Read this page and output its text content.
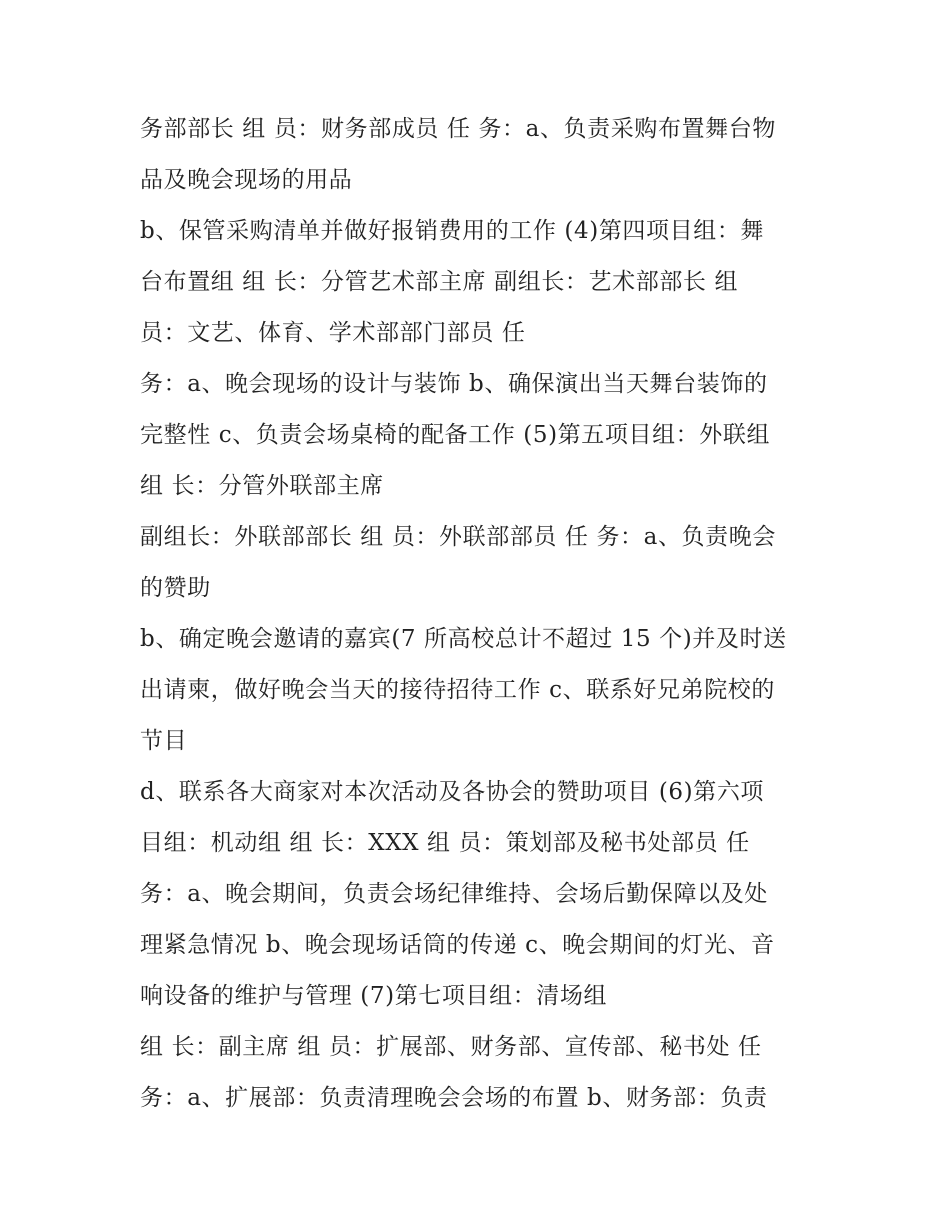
务部部长 组 员：财务部成员 任 务：a、负责采购布置舞台物

品及晚会现场的用品

b、保管采购清单并做好报销费用的工作 (4)第四项目组：舞

台布置组 组 长：分管艺术部主席 副组长：艺术部部长 组

员：文艺、体育、学术部部门部员 任

务：a、晚会现场的设计与装饰 b、确保演出当天舞台装饰的

完整性 c、负责会场桌椅的配备工作 (5)第五项目组：外联组

组 长：分管外联部主席

副组长：外联部部长 组 员：外联部部员 任 务：a、负责晚会

的赞助

b、确定晚会邀请的嘉宾(7 所高校总计不超过 15 个)并及时送

出请柬，做好晚会当天的接待招待工作 c、联系好兄弟院校的

节目

d、联系各大商家对本次活动及各协会的赞助项目 (6)第六项

目组：机动组 组 长：XXX 组 员：策划部及秘书处部员 任

务：a、晚会期间，负责会场纪律维持、会场后勤保障以及处

理紧急情况 b、晚会现场话筒的传递 c、晚会期间的灯光、音

响设备的维护与管理 (7)第七项目组：清场组

组 长：副主席 组 员：扩展部、财务部、宣传部、秘书处 任

务：a、扩展部：负责清理晚会会场的布置 b、财务部：负责
